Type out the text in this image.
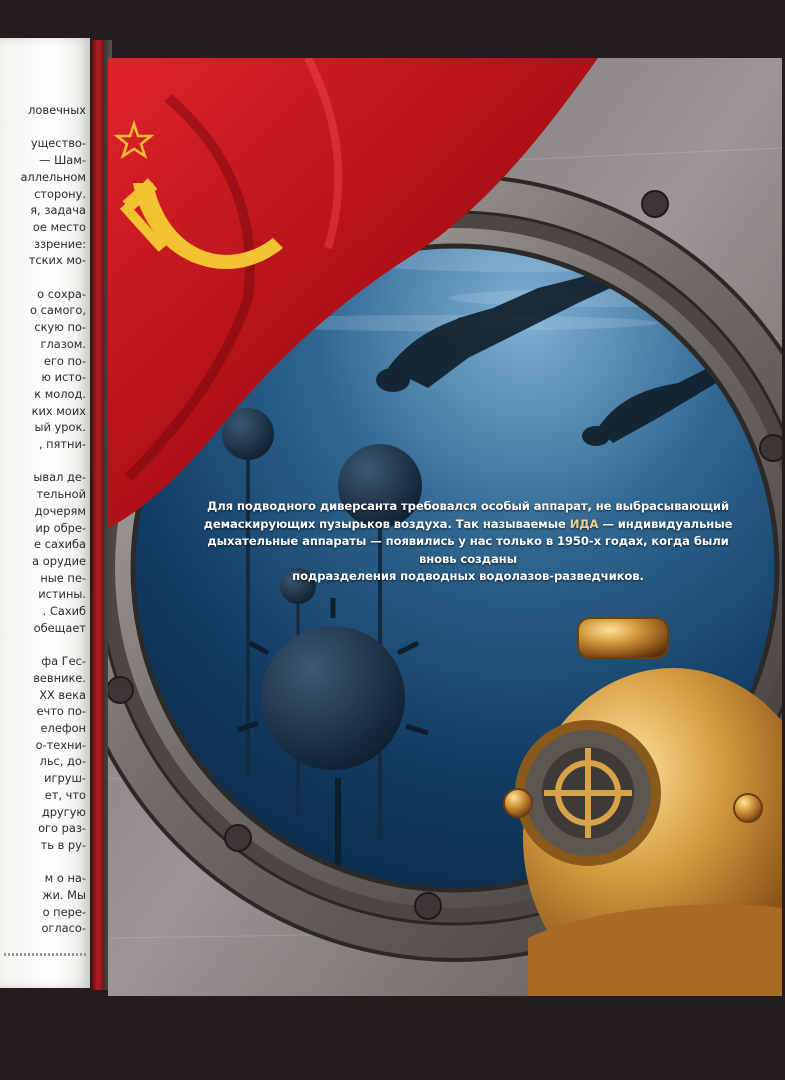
ловечных

ущество-
— Шам-
аллельном
сторону.
я, задача
ое место
ззрение:
тских мо-

о сохра-
о самого,
скую по-
глазом.
его по-
ю исто-
к молод.
ких моих
ый урок.
, пятни-

ывал де-
тельной
дочерям
ир обре-
е сахиба
а орудие
ные пе-
истины.
. Сахиб
обещает

фа Гес-
вевнике.
XX века
ечто по-
елефон
о-техни-
льс, до-
игруш-
ет, что
другую
ого раз-
ть в ру-

м о на-
жи. Мы
о пере-
огласо-
Для подводного диверсанта требовался особый аппарат, не выбрасывающий
демаскирующих пузырьков воздуха. Так называемые ИДА — индивидуальные
дыхательные аппараты — появились у нас только в 1950-х годах, когда были вновь созданы
подразделения подводных водолазов-разведчиков.
